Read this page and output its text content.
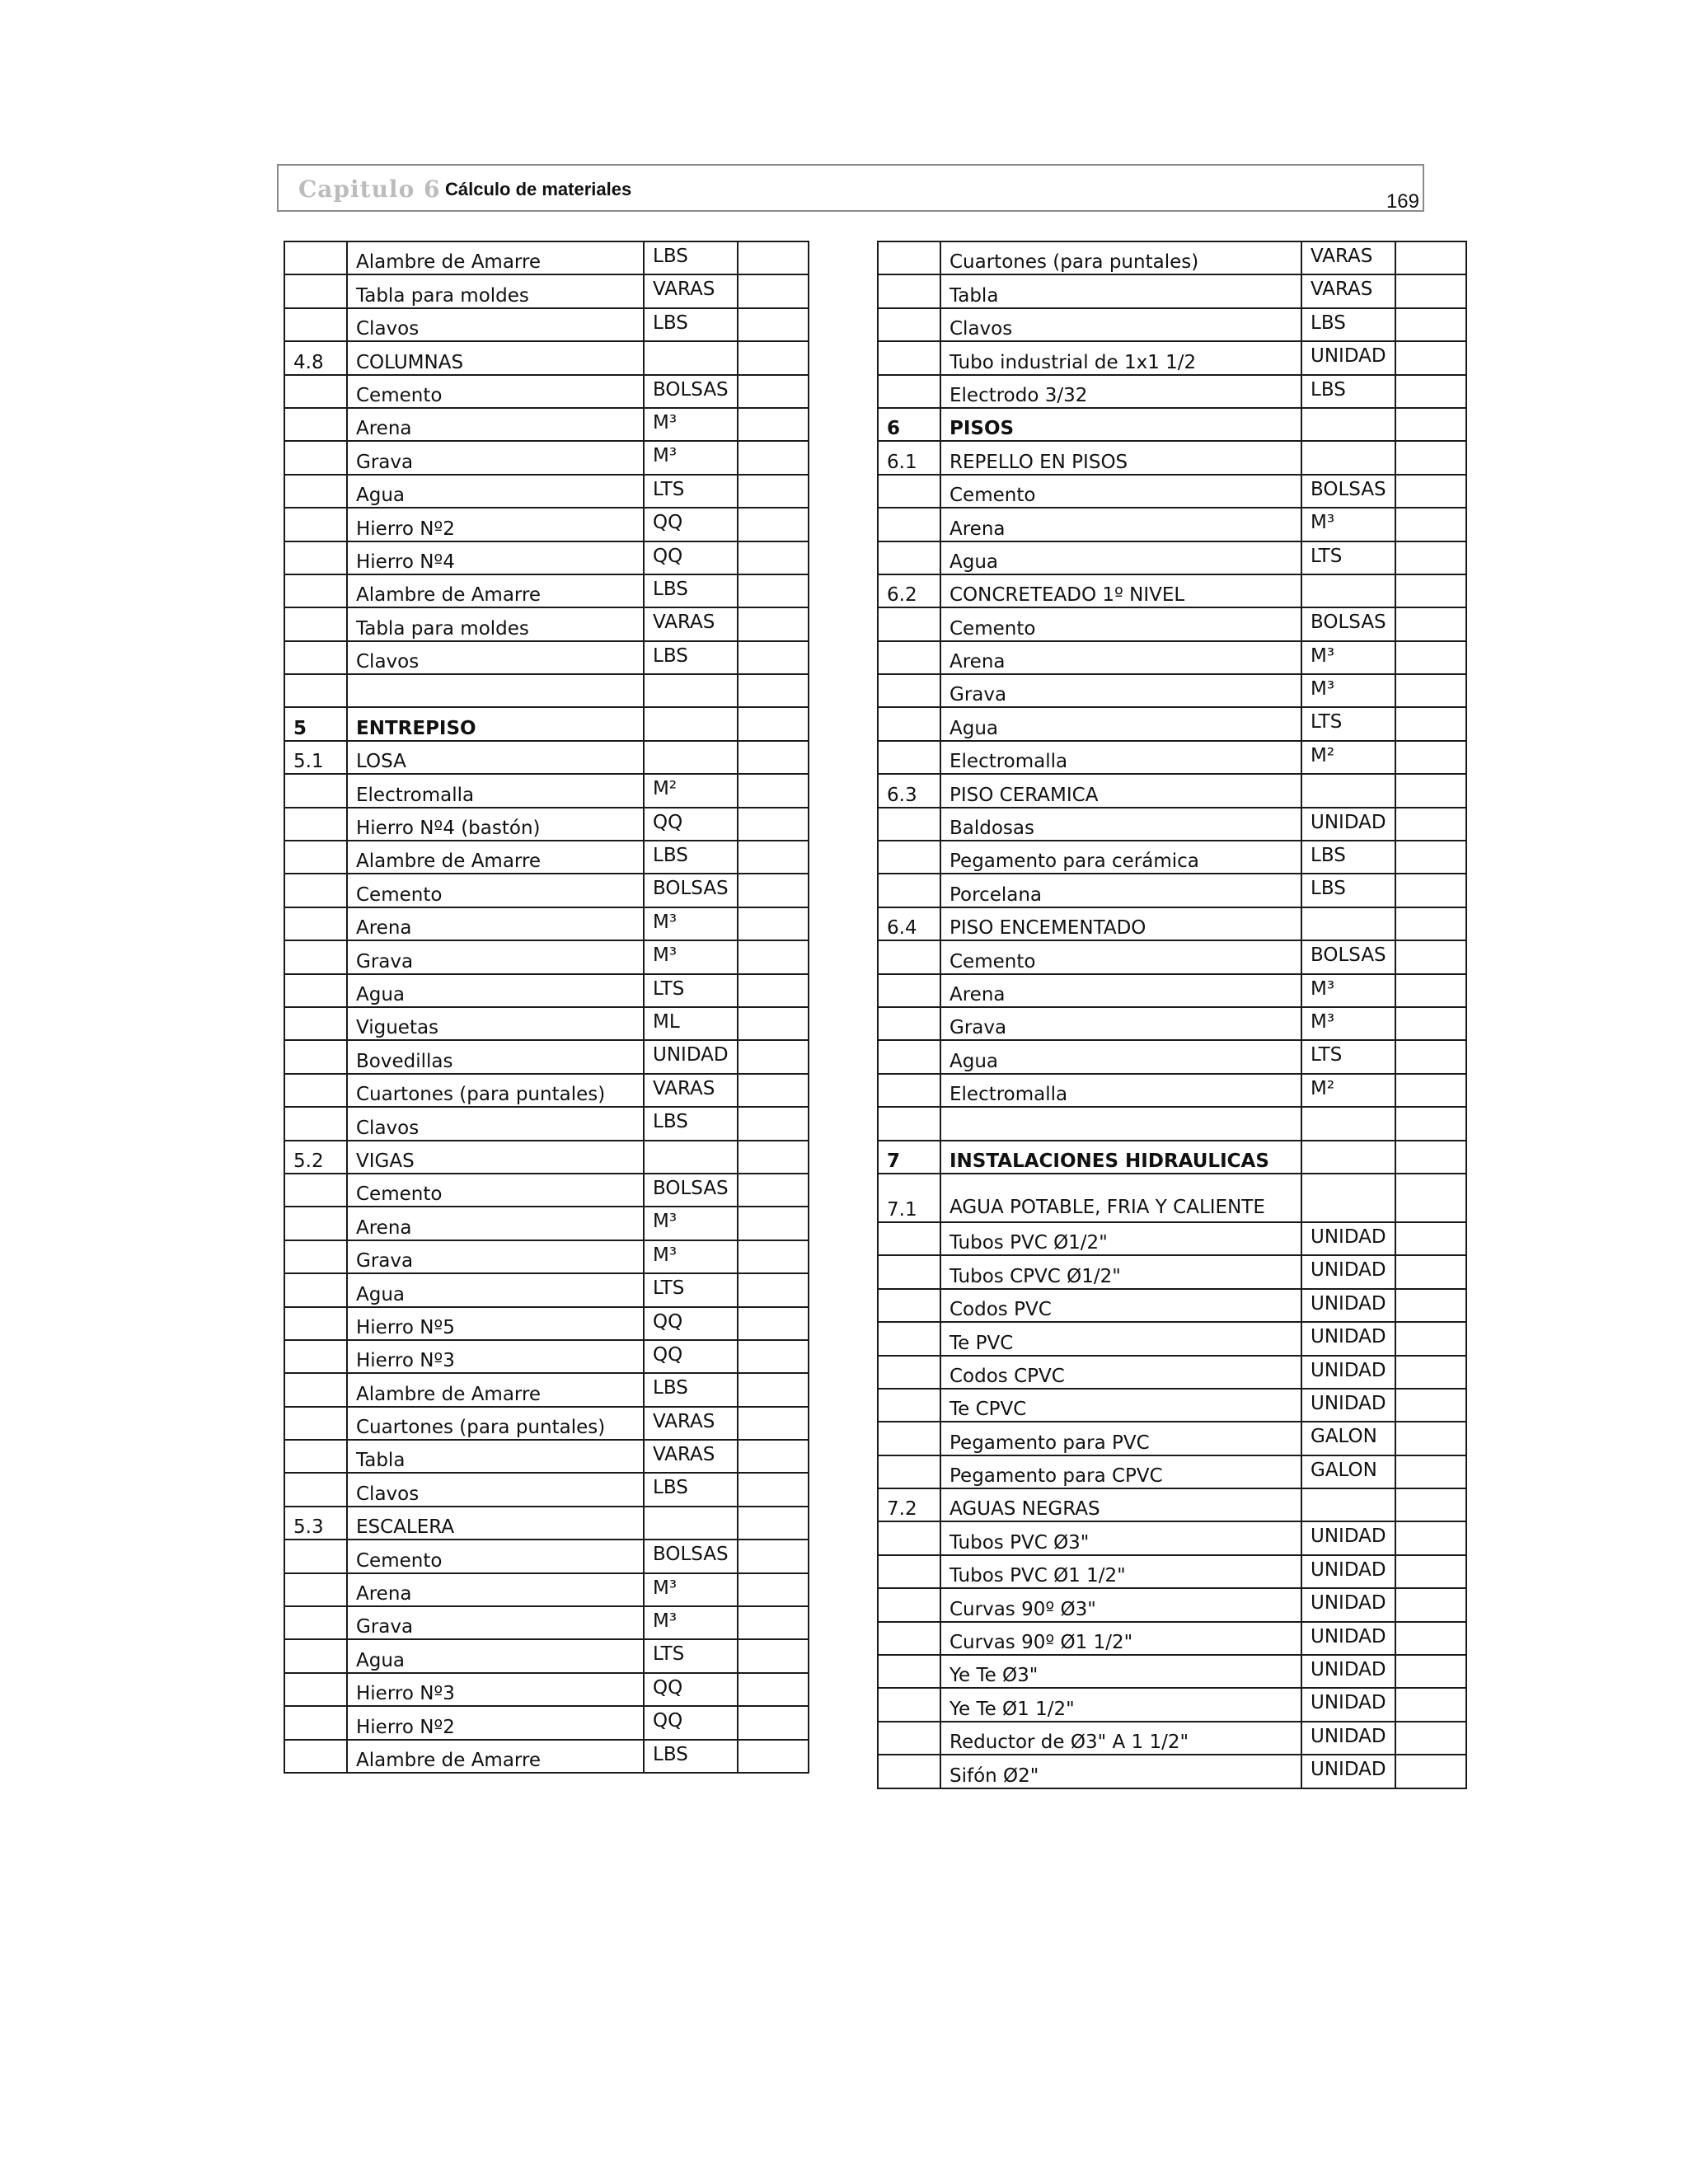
Capitulo 6 Cálculo de materiales
169
	Alambre de Amarre	LBS	
	Tabla para moldes	VARAS	
	Clavos	LBS	
4.8	COLUMNAS		
	Cemento	BOLSAS	
	Arena	M³	
	Grava	M³	
	Agua	LTS	
	Hierro Nº2	QQ	
	Hierro Nº4	QQ	
	Alambre de Amarre	LBS	
	Tabla para moldes	VARAS	
	Clavos	LBS	

5	ENTREPISO		
5.1	LOSA		
	Electromalla	M²	
	Hierro Nº4 (bastón)	QQ	
	Alambre de Amarre	LBS	
	Cemento	BOLSAS	
	Arena	M³	
	Grava	M³	
	Agua	LTS	
	Viguetas	ML	
	Bovedillas	UNIDAD	
	Cuartones (para puntales)	VARAS	
	Clavos	LBS	
5.2	VIGAS		
	Cemento	BOLSAS	
	Arena	M³	
	Grava	M³	
	Agua	LTS	
	Hierro Nº5	QQ	
	Hierro Nº3	QQ	
	Alambre de Amarre	LBS	
	Cuartones (para puntales)	VARAS	
	Tabla	VARAS	
	Clavos	LBS	
5.3	ESCALERA		
	Cemento	BOLSAS	
	Arena	M³	
	Grava	M³	
	Agua	LTS	
	Hierro Nº3	QQ	
	Hierro Nº2	QQ	
	Alambre de Amarre	LBS	
	Cuartones (para puntales)	VARAS	
	Tabla	VARAS	
	Clavos	LBS	
	Tubo industrial de 1x1 1/2	UNIDAD	
	Electrodo 3/32	LBS	
6	PISOS		
6.1	REPELLO EN PISOS		
	Cemento	BOLSAS	
	Arena	M³	
	Agua	LTS	
6.2	CONCRETEADO 1º NIVEL		
	Cemento	BOLSAS	
	Arena	M³	
	Grava	M³	
	Agua	LTS	
	Electromalla	M²	
6.3	PISO CERAMICA		
	Baldosas	UNIDAD	
	Pegamento para cerámica	LBS	
	Porcelana	LBS	
6.4	PISO ENCEMENTADO		
	Cemento	BOLSAS	
	Arena	M³	
	Grava	M³	
	Agua	LTS	
	Electromalla	M²	

7	INSTALACIONES HIDRAULICAS		
7.1	AGUA POTABLE, FRIA Y CALIENTE		
	Tubos PVC Ø1/2"	UNIDAD	
	Tubos CPVC Ø1/2"	UNIDAD	
	Codos PVC	UNIDAD	
	Te PVC	UNIDAD	
	Codos CPVC	UNIDAD	
	Te CPVC	UNIDAD	
	Pegamento para PVC	GALON	
	Pegamento para CPVC	GALON	
7.2	AGUAS NEGRAS		
	Tubos PVC Ø3"	UNIDAD	
	Tubos PVC Ø1 1/2"	UNIDAD	
	Curvas 90º Ø3"	UNIDAD	
	Curvas 90º Ø1 1/2"	UNIDAD	
	Ye Te Ø3"	UNIDAD	
	Ye Te Ø1 1/2"	UNIDAD	
	Reductor de Ø3" A 1 1/2"	UNIDAD	
	Sifón Ø2"	UNIDAD	
